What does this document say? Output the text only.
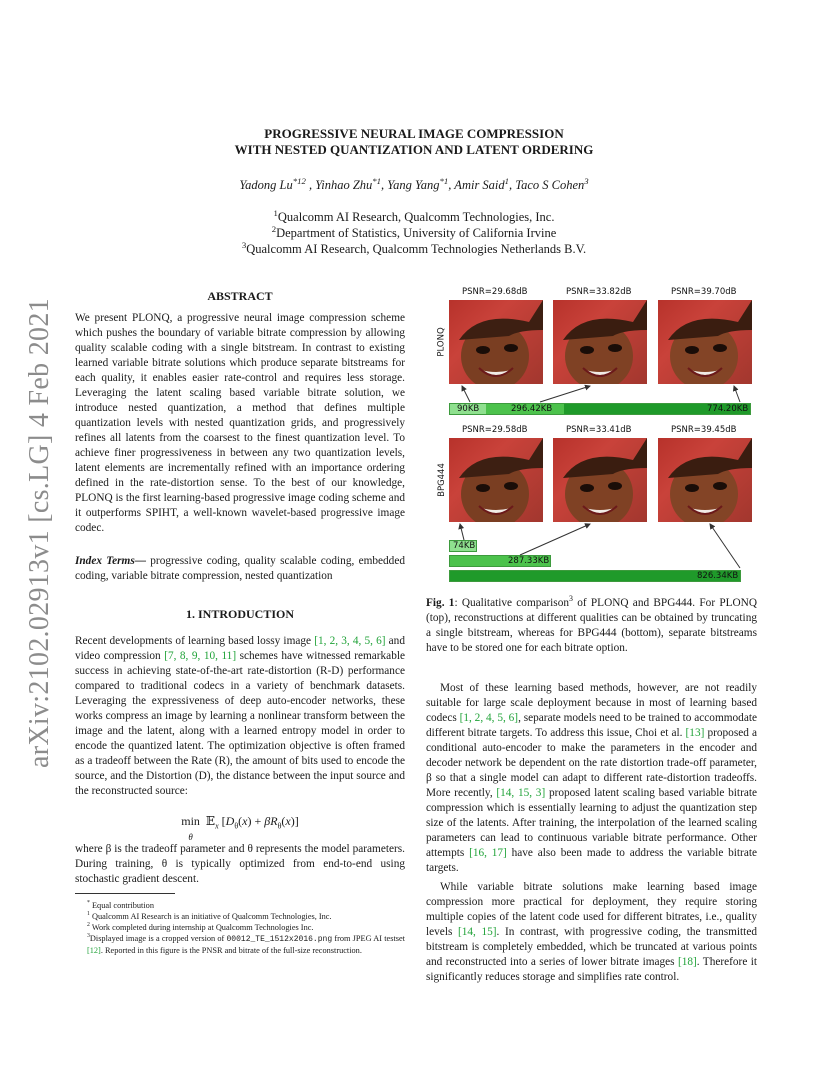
arXiv:2102.02913v1 [cs.LG] 4 Feb 2021
PROGRESSIVE NEURAL IMAGE COMPRESSION
WITH NESTED QUANTIZATION AND LATENT ORDERING
Yadong Lu$^{*12}$ , Yinhao Zhu$^{*1}$, Yang Yang$^{*1}$, Amir Said$^1$, Taco S Cohen$^3$
$^1$Qualcomm AI Research, Qualcomm Technologies, Inc.
$^2$Department of Statistics, University of California Irvine
$^3$Qualcomm AI Research, Qualcomm Technologies Netherlands B.V.
ABSTRACT
We present PLONQ, a progressive neural image compression scheme which pushes the boundary of variable bitrate compression by allowing quality scalable coding with a single bitstream. In contrast to existing learned variable bitrate solutions which produce separate bitstreams for each quality, it enables easier rate-control and requires less storage. Leveraging the latent scaling based variable bitrate solution, we introduce nested quantization, a method that defines multiple quantization levels with nested quantization grids, and progressively refines all latents from the coarsest to the finest quantization level. To achieve finer progressiveness in between any two quantization levels, latent elements are incrementally refined with an importance ordering defined in the rate-distortion sense. To the best of our knowledge, PLONQ is the first learning-based progressive image coding scheme and it outperforms SPIHT, a well-known wavelet-based progressive image codec.
Index Terms— progressive coding, quality scalable coding, embedded coding, variable bitrate compression, nested quantization
1. INTRODUCTION
Recent developments of learning based lossy image [1, 2, 3, 4, 5, 6] and video compression [7, 8, 9, 10, 11] schemes have witnessed remarkable success in achieving state-of-the-art rate-distortion (R-D) performance compared to traditional codecs in a variety of benchmark datasets. Leveraging the expressiveness of deep auto-encoder networks, these works compress an image by learning a nonlinear transform between the image and the latent, along with a learned entropy model in order to encode the quantized latent. The optimization objective is often framed as a tradeoff between the Rate (R), the amount of bits used to encode the source, and the Distortion (D), the distance between the input source and the reconstructed source:
min
θ  𝔼$_x$ $[D_\theta(x) + \beta R_\theta(x)]$
where β is the tradeoff parameter and θ represents the model parameters. During training, θ is typically optimized from end-to-end using stochastic gradient descent.
* Equal contribution
$^1$ Qualcomm AI Research is an initiative of Qualcomm Technologies, Inc.
$^2$ Work completed during internship at Qualcomm Technologies Inc.
$^3$Displayed image is a cropped version of 00012_TE_1512x2016.png from JPEG AI testset [12]. Reported in this figure is the PNSR and bitrate of the full-size reconstruction.
PSNR=29.68dB	PSNR=33.82dB	PSNR=39.70dB
PLONQ
90KB	296.42KB	774.20KB
PSNR=29.58dB	PSNR=33.41dB	PSNR=39.45dB
BPG444
74KB
287.33KB
826.34KB
Fig. 1: Qualitative comparison$^3$ of PLONQ and BPG444. For PLONQ (top), reconstructions at different qualities can be obtained by truncating a single bitstream, whereas for BPG444 (bottom), separate bitstreams have to be stored one for each bitrate option.
Most of these learning based methods, however, are not readily suitable for large scale deployment because in most of learning based codecs [1, 2, 4, 5, 6], separate models need to be trained to accommodate different bitrate targets. To address this issue, Choi et al. [13] proposed a conditional auto-encoder to make the parameters in the encoder and decoder network be dependent on the rate distortion trade-off parameter, β so that a single model can adapt to different rate-distortion tradeoffs. More recently, [14, 15, 3] proposed latent scaling based variable bitrate compression which is essentially learning to adjust the quantization step size of the latents. After training, the interpolation of the learned scaling parameters can lead to continuous variable bitrate performance. Other attempts [16, 17] have also been made to address the variable bitrate targets.
While variable bitrate solutions make learning based image compression more practical for deployment, they require storing multiple copies of the latent code used for different bitrates, i.e., quality levels [14, 15]. In contrast, with progressive coding, the transmitted bitstream is completely embedded, which be truncated at various points and reconstructed into a series of lower bitrate images [18]. Therefore it significantly reduces storage and simplifies rate control.
